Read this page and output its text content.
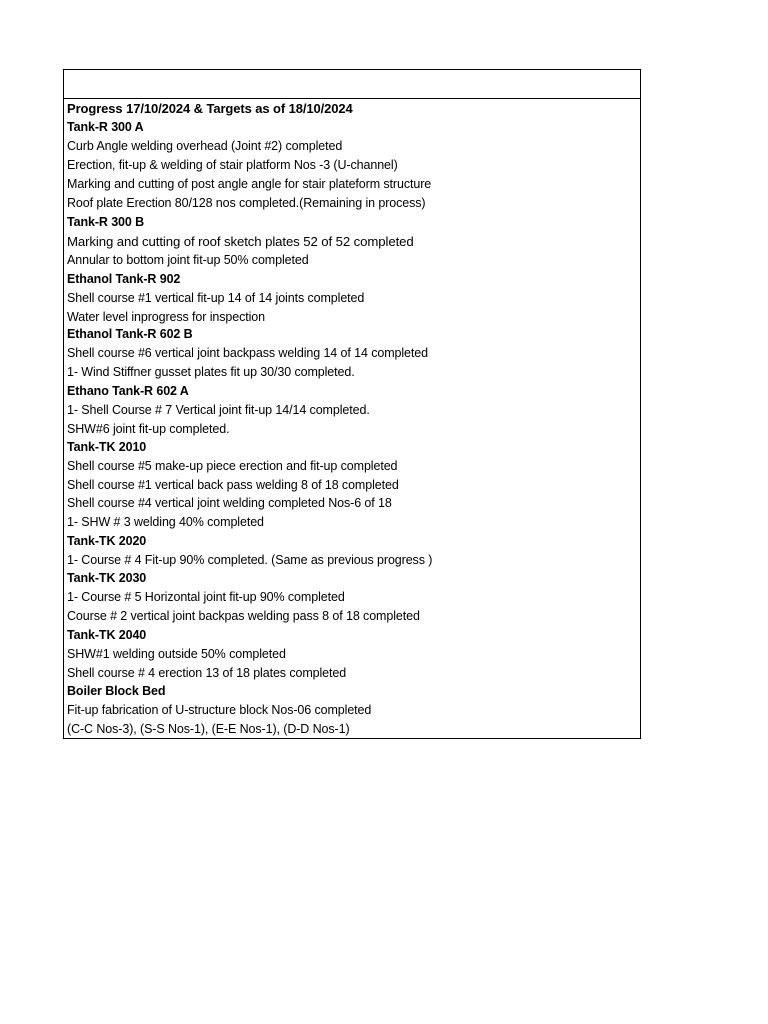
Progress 17/10/2024 & Targets as of 18/10/2024
Tank-R 300 A
Curb Angle welding overhead (Joint #2) completed
Erection, fit-up & welding of stair platform Nos -3 (U-channel)
Marking and cutting of post angle angle for stair plateform structure
Roof plate Erection 80/128 nos completed.(Remaining in process)
Tank-R 300 B
Marking and cutting of roof sketch plates 52 of 52 completed
Annular to bottom joint fit-up 50% completed
Ethanol Tank-R 902
Shell course #1 vertical fit-up 14 of 14 joints completed
Water level inprogress for inspection
Ethanol Tank-R 602 B
Shell course #6 vertical joint backpass welding 14 of 14 completed
1- Wind Stiffner gusset plates fit up 30/30 completed.
Ethano Tank-R 602 A
1- Shell Course # 7 Vertical joint fit-up 14/14 completed.
SHW#6 joint fit-up completed.
Tank-TK 2010
Shell course #5 make-up piece erection and fit-up completed
Shell course #1 vertical back pass welding 8 of 18 completed
Shell course #4 vertical joint welding completed Nos-6 of 18
1- SHW # 3 welding 40% completed
Tank-TK 2020
1- Course # 4 Fit-up 90% completed. (Same as previous progress )
Tank-TK 2030
1- Course # 5 Horizontal joint fit-up 90% completed
Course # 2 vertical joint backpas welding pass 8 of 18 completed
Tank-TK 2040
SHW#1 welding outside 50% completed
Shell course # 4 erection 13 of 18 plates completed
Boiler Block Bed
Fit-up fabrication of U-structure block Nos-06 completed
(C-C Nos-3), (S-S Nos-1), (E-E Nos-1), (D-D Nos-1)
